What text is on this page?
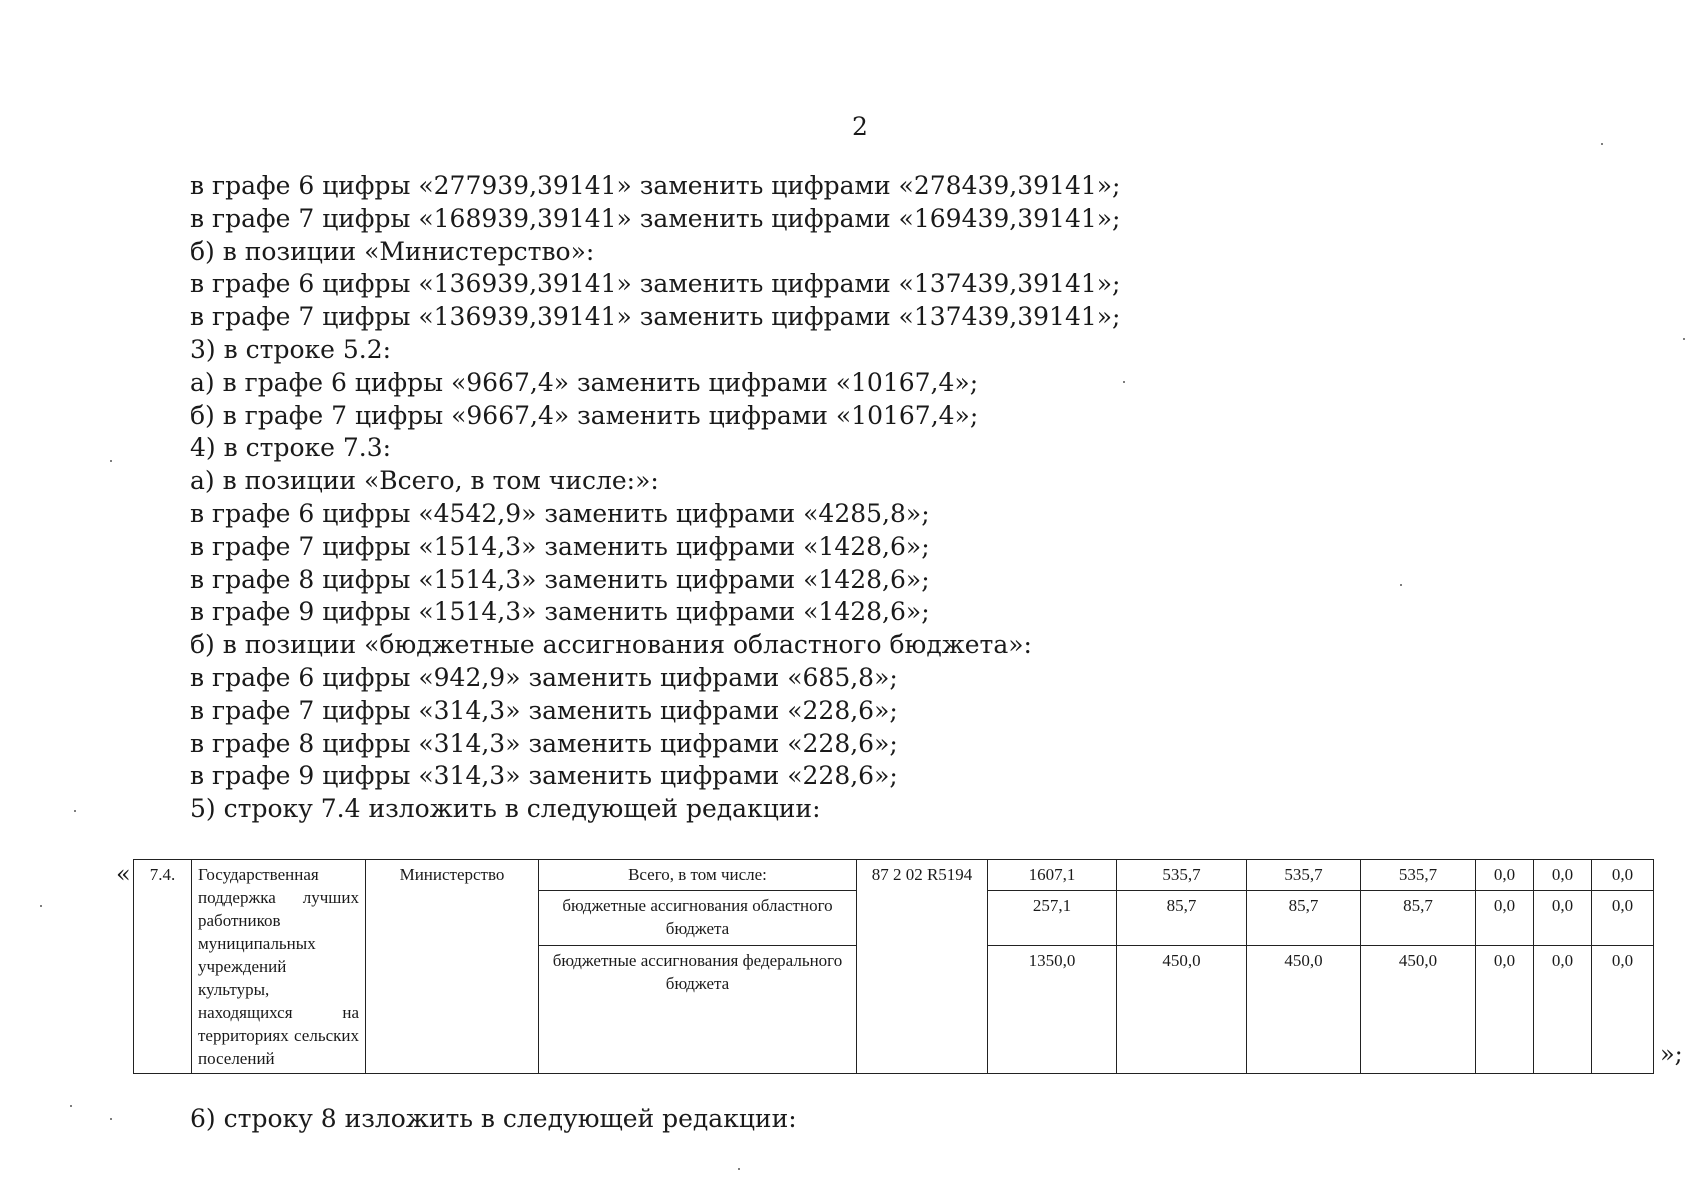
2
в графе 6 цифры «277939,39141» заменить цифрами «278439,39141»;
в графе 7 цифры «168939,39141» заменить цифрами «169439,39141»;
б) в позиции «Министерство»:
в графе 6 цифры «136939,39141» заменить цифрами «137439,39141»;
в графе 7 цифры «136939,39141» заменить цифрами «137439,39141»;
3) в строке 5.2:
а) в графе 6 цифры «9667,4» заменить цифрами «10167,4»;
б) в графе 7 цифры «9667,4» заменить цифрами «10167,4»;
4) в строке 7.3:
а) в позиции «Всего, в том числе:»:
в графе 6 цифры «4542,9» заменить цифрами «4285,8»;
в графе 7 цифры «1514,3» заменить цифрами «1428,6»;
в графе 8 цифры «1514,3» заменить цифрами «1428,6»;
в графе 9 цифры «1514,3» заменить цифрами «1428,6»;
б) в позиции «бюджетные ассигнования областного бюджета»:
в графе 6 цифры «942,9» заменить цифрами «685,8»;
в графе 7 цифры «314,3» заменить цифрами «228,6»;
в графе 8 цифры «314,3» заменить цифрами «228,6»;
в графе 9 цифры «314,3» заменить цифрами «228,6»;
5) строку 7.4 изложить в следующей редакции:
« 7.4.	Государственная поддержка лучших работников муниципальных учреждений культуры, находящихся на территориях сельских поселений	Министерство	Всего, в том числе:	87 2 02 R5194	1607,1	535,7	535,7	535,7	0,0	0,0	0,0
			бюджетные ассигнования областного бюджета		257,1	85,7	85,7	85,7	0,0	0,0	0,0
			бюджетные ассигнования федерального бюджета		1350,0	450,0	450,0	450,0	0,0	0,0	0,0
»;
6) строку 8 изложить в следующей редакции:
